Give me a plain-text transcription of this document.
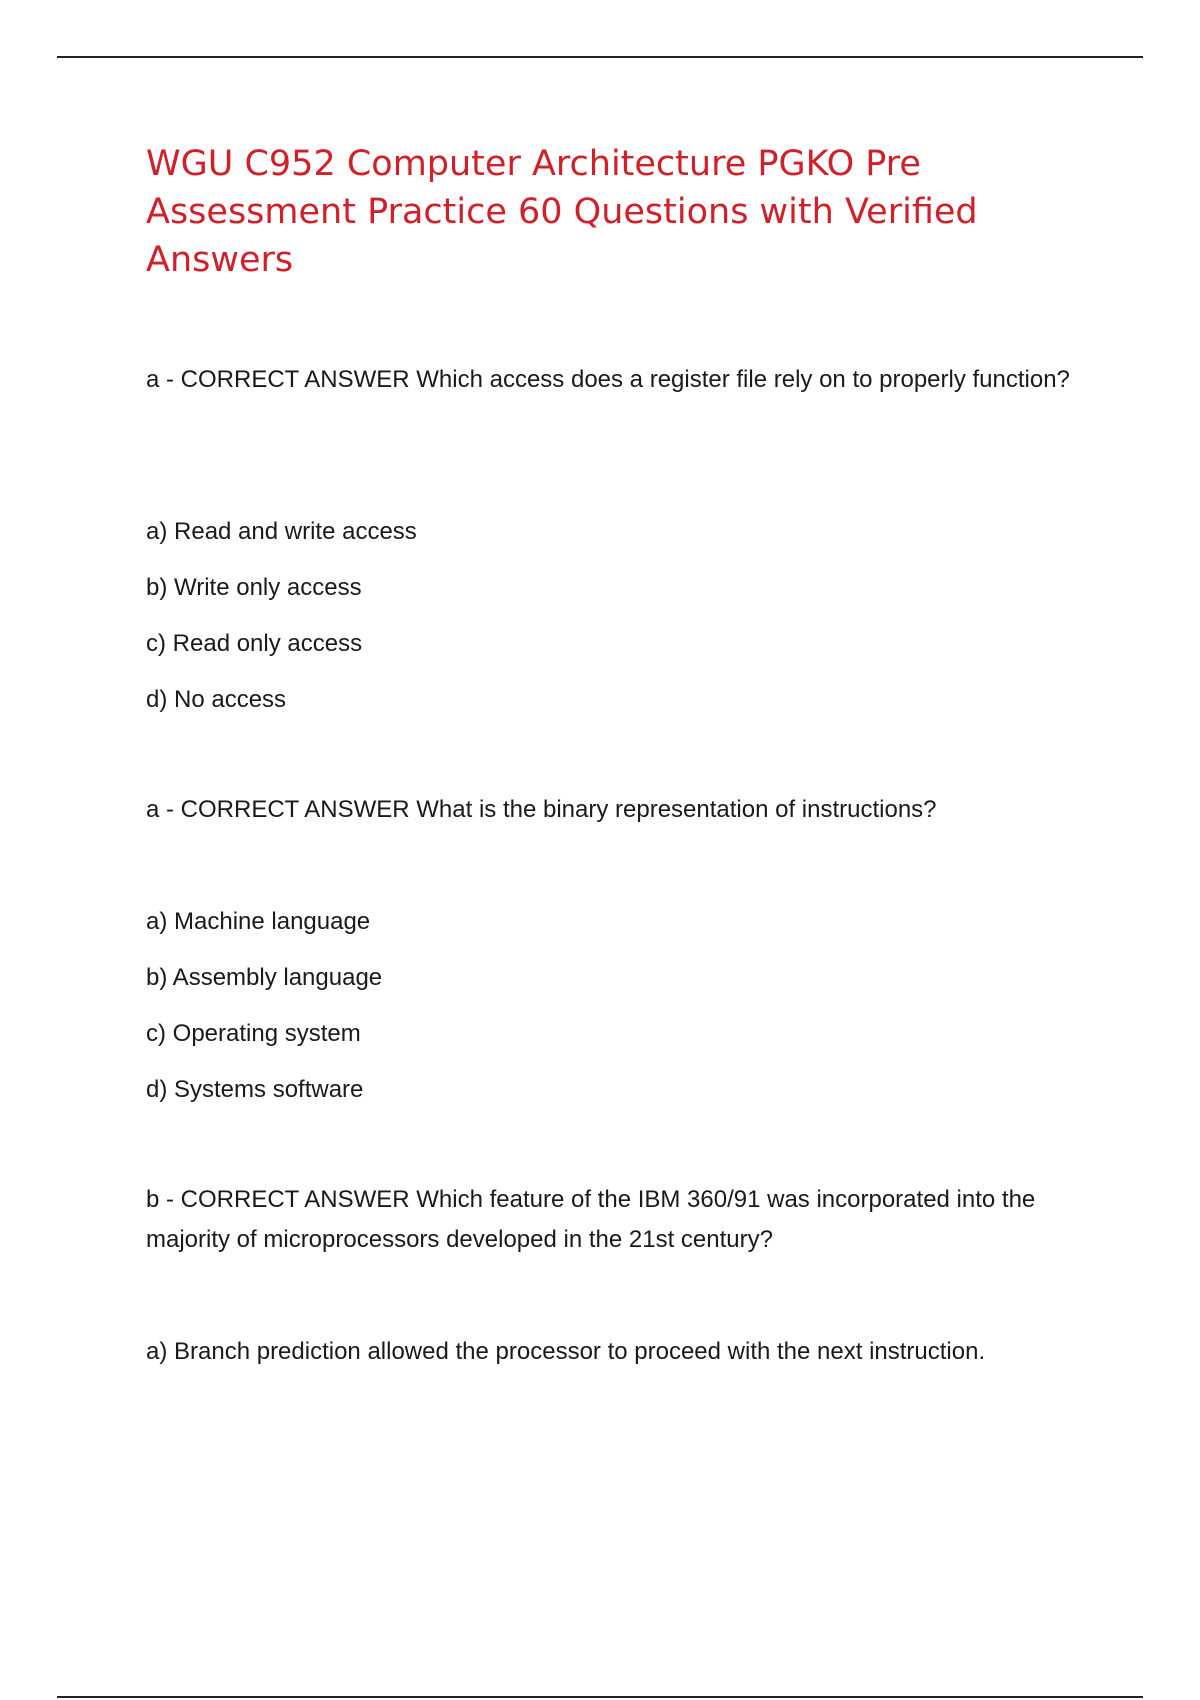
WGU C952 Computer Architecture PGKO Pre Assessment Practice 60 Questions with Verified Answers

a - CORRECT ANSWER Which access does a register file rely on to properly function?

a) Read and write access
b) Write only access
c) Read only access
d) No access

a - CORRECT ANSWER What is the binary representation of instructions?

a) Machine language
b) Assembly language
c) Operating system
d) Systems software

b - CORRECT ANSWER Which feature of the IBM 360/91 was incorporated into the majority of microprocessors developed in the 21st century?

a) Branch prediction allowed the processor to proceed with the next instruction.
